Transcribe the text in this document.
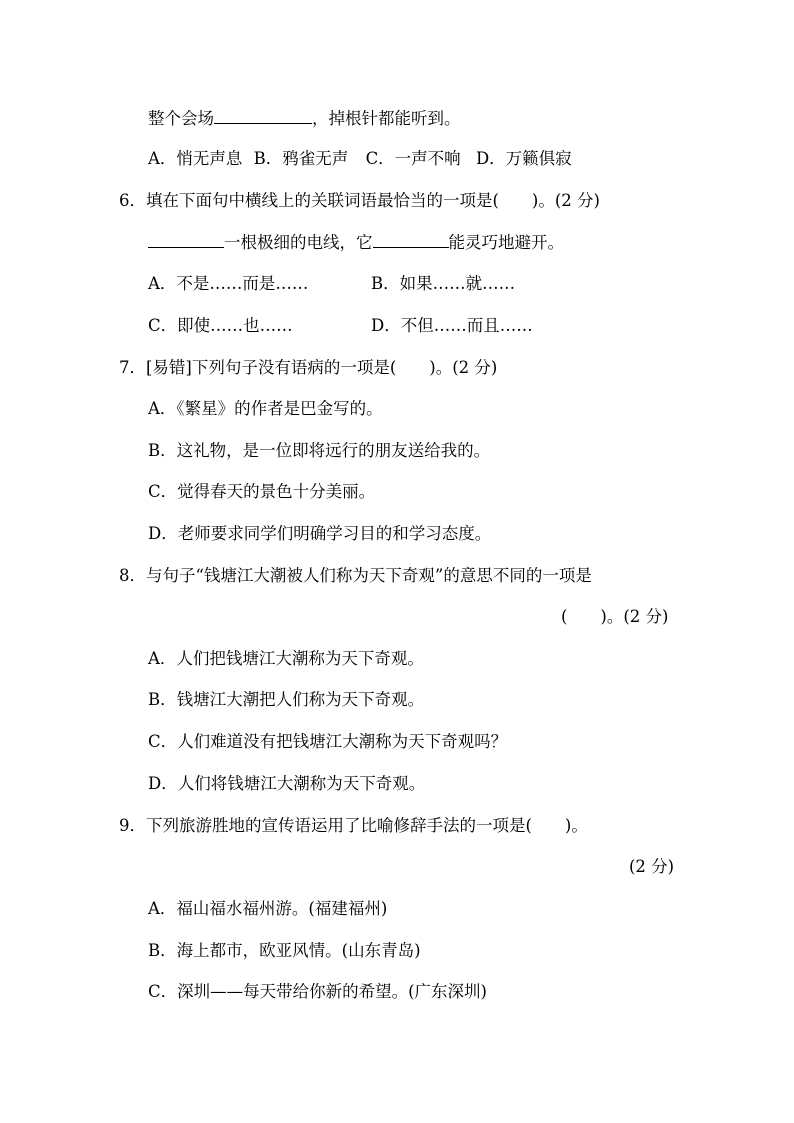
整个会场	，掉根针都能听到。
A．悄无声息 B．鸦雀无声 C．一声不响 D．万籁俱寂
6．填在下面句中横线上的关联词语最恰当的一项是(　　)。(2 分)
一根极细的电线，它	能灵巧地避开。
A．不是……而是……	B．如果……就……
C．即使……也……	D．不但……而且……
7．[易错]下列句子没有语病的一项是(　　)。(2 分)
A．《繁星》的作者是巴金写的。
B．这礼物，是一位即将远行的朋友送给我的。
C．觉得春天的景色十分美丽。
D．老师要求同学们明确学习目的和学习态度。
8．与句子“钱塘江大潮被人们称为天下奇观”的意思不同的一项是
(　　)。(2 分)
A．人们把钱塘江大潮称为天下奇观。
B．钱塘江大潮把人们称为天下奇观。
C．人们难道没有把钱塘江大潮称为天下奇观吗？
D．人们将钱塘江大潮称为天下奇观。
9．下列旅游胜地的宣传语运用了比喻修辞手法的一项是(　　)。
(2 分)
A．福山福水福州游。(福建福州)
B．海上都市，欧亚风情。(山东青岛)
C．深圳——每天带给你新的希望。(广东深圳)
